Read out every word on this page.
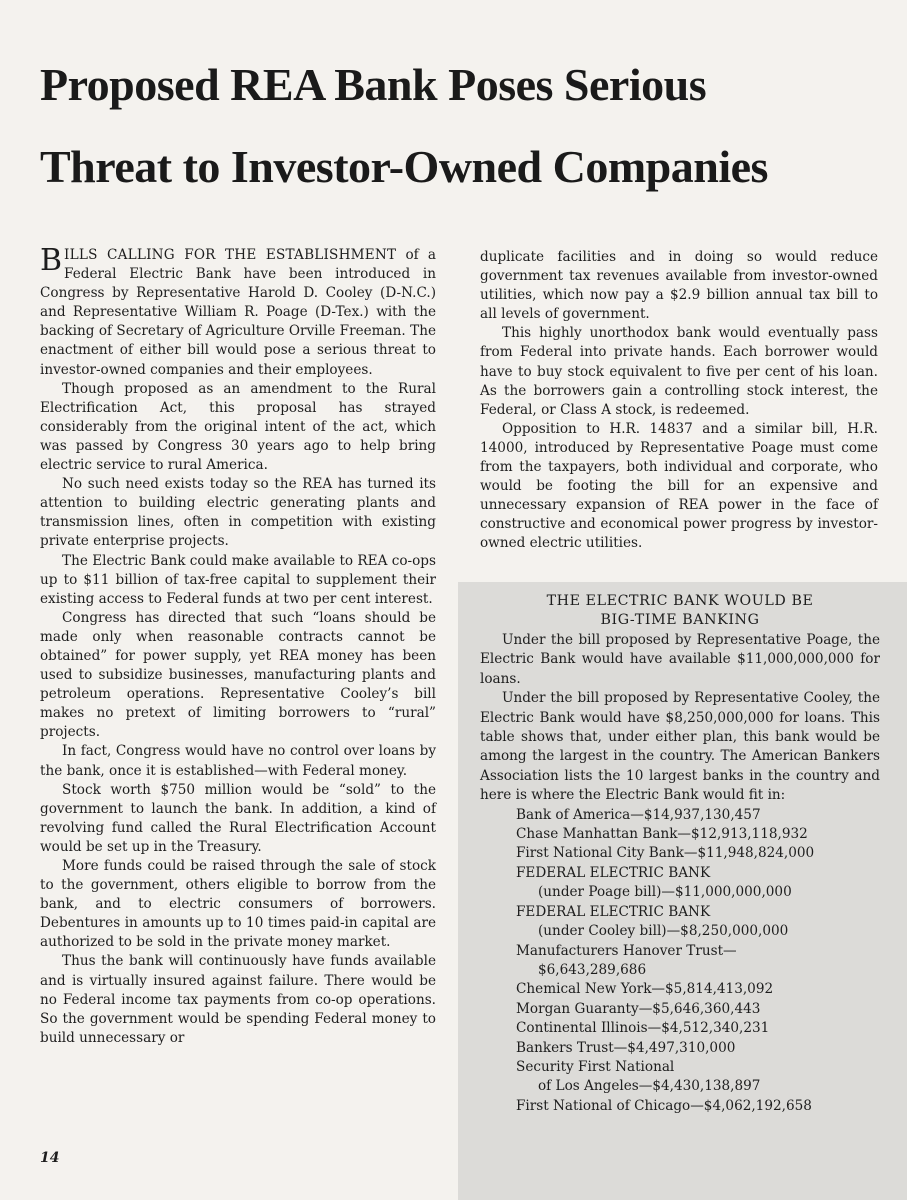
Proposed REA Bank Poses Serious
Threat to Investor-Owned Companies

BILLS CALLING FOR THE ESTABLISHMENT of a Federal Electric Bank have been introduced in Congress by Representative Harold D. Cooley (D-N.C.) and Representative William R. Poage (D-Tex.) with the backing of Secretary of Agriculture Orville Freeman. The enactment of either bill would pose a serious threat to investor-owned companies and their employees.

Though proposed as an amendment to the Rural Electrification Act, this proposal has strayed considerably from the original intent of the act, which was passed by Congress 30 years ago to help bring electric service to rural America.

No such need exists today so the REA has turned its attention to building electric generating plants and transmission lines, often in competition with existing private enterprise projects.

The Electric Bank could make available to REA co-ops up to $11 billion of tax-free capital to supplement their existing access to Federal funds at two per cent interest.

Congress has directed that such “loans should be made only when reasonable contracts cannot be obtained” for power supply, yet REA money has been used to subsidize businesses, manufacturing plants and petroleum operations. Representative Cooley’s bill makes no pretext of limiting borrowers to “rural” projects.

In fact, Congress would have no control over loans by the bank, once it is established—with Federal money.

Stock worth $750 million would be “sold” to the government to launch the bank. In addition, a kind of revolving fund called the Rural Electrification Account would be set up in the Treasury.

More funds could be raised through the sale of stock to the government, others eligible to borrow from the bank, and to electric consumers of borrowers. Debentures in amounts up to 10 times paid-in capital are authorized to be sold in the private money market.

Thus the bank will continuously have funds available and is virtually insured against failure. There would be no Federal income tax payments from co-op operations. So the government would be spending Federal money to build unnecessary or

duplicate facilities and in doing so would reduce government tax revenues available from investor-owned utilities, which now pay a $2.9 billion annual tax bill to all levels of government.

This highly unorthodox bank would eventually pass from Federal into private hands. Each borrower would have to buy stock equivalent to five per cent of his loan. As the borrowers gain a controlling stock interest, the Federal, or Class A stock, is redeemed.

Opposition to H.R. 14837 and a similar bill, H.R. 14000, introduced by Representative Poage must come from the taxpayers, both individual and corporate, who would be footing the bill for an expensive and unnecessary expansion of REA power in the face of constructive and economical power progress by investor-owned electric utilities.

THE ELECTRIC BANK WOULD BE
BIG-TIME BANKING

Under the bill proposed by Representative Poage, the Electric Bank would have available $11,000,000,000 for loans.

Under the bill proposed by Representative Cooley, the Electric Bank would have $8,250,000,000 for loans. This table shows that, under either plan, this bank would be among the largest in the country. The American Bankers Association lists the 10 largest banks in the country and here is where the Electric Bank would fit in:

Bank of America—$14,937,130,457
Chase Manhattan Bank—$12,913,118,932
First National City Bank—$11,948,824,000
FEDERAL ELECTRIC BANK
(under Poage bill)—$11,000,000,000
FEDERAL ELECTRIC BANK
(under Cooley bill)—$8,250,000,000
Manufacturers Hanover Trust—
$6,643,289,686
Chemical New York—$5,814,413,092
Morgan Guaranty—$5,646,360,443
Continental Illinois—$4,512,340,231
Bankers Trust—$4,497,310,000
Security First National
of Los Angeles—$4,430,138,897
First National of Chicago—$4,062,192,658
14
